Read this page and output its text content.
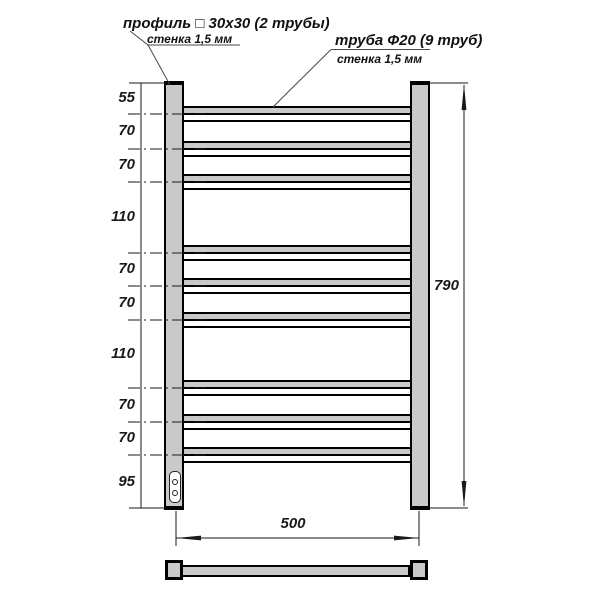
профиль □ 30х30 (2 трубы)
стенка 1,5 мм	труба Ф20 (9 труб)
стенка 1,5 мм
55
70
70
110
70
70
110
70
70
95
790
500
